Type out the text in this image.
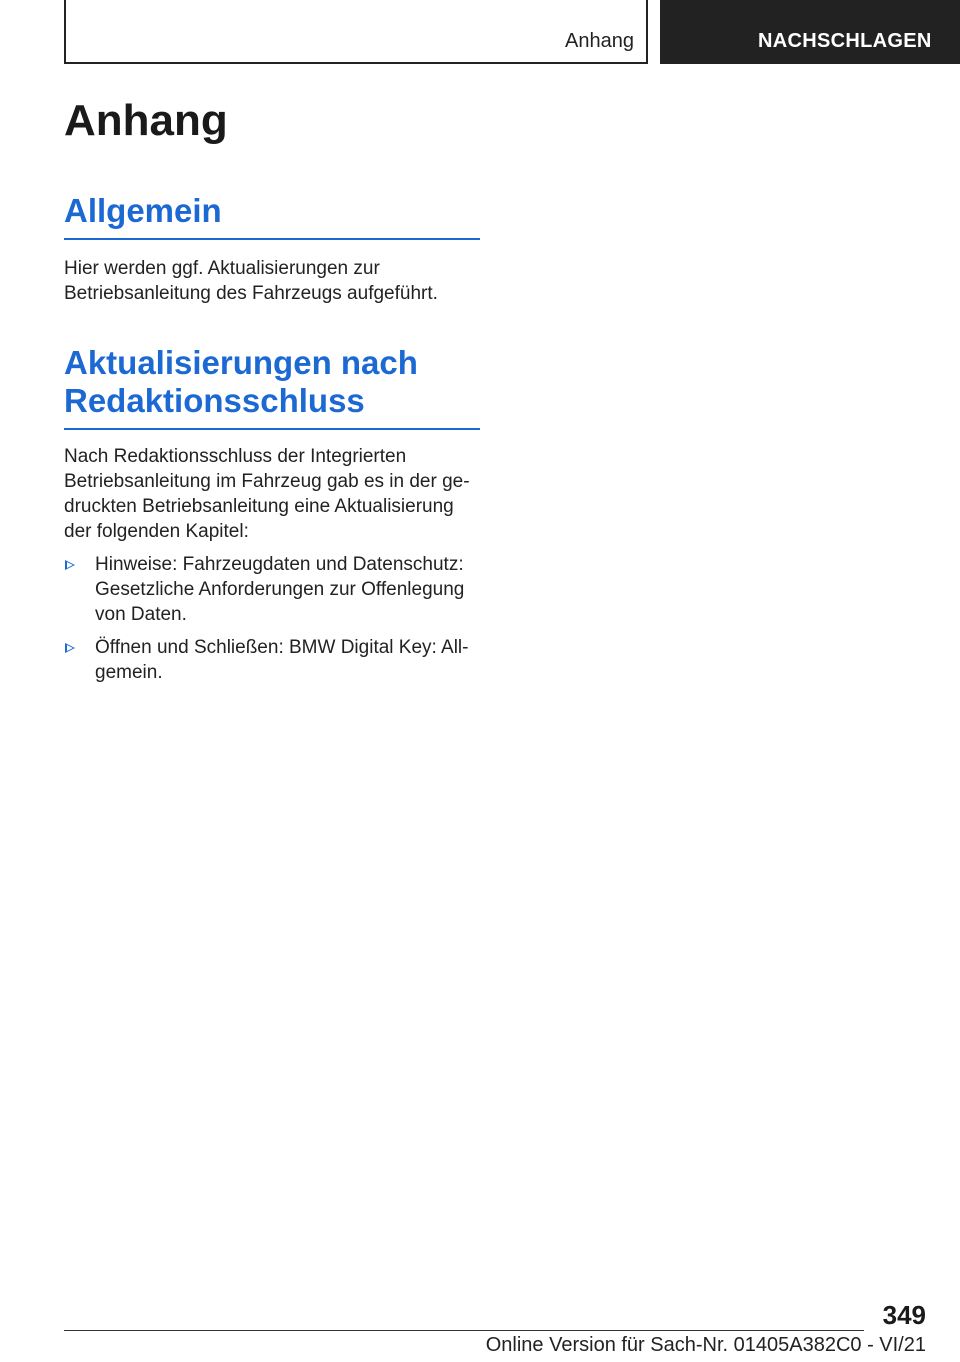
Anhang	NACHSCHLAGEN
Anhang
Allgemein

Hier werden ggf. Aktualisierungen zur Betriebsanleitung des Fahrzeugs aufgeführt.

Aktualisierungen nach Redaktionsschluss

Nach Redaktionsschluss der Integrierten Betriebsanleitung im Fahrzeug gab es in der gedruckten Betriebsanleitung eine Aktualisierung der folgenden Kapitel:

Hinweise: Fahrzeugdaten und Datenschutz: Gesetzliche Anforderungen zur Offenlegung von Daten.
Öffnen und Schließen: BMW Digital Key: Allgemein.
349
Online Version für Sach-Nr. 01405A382C0 - VI/21
